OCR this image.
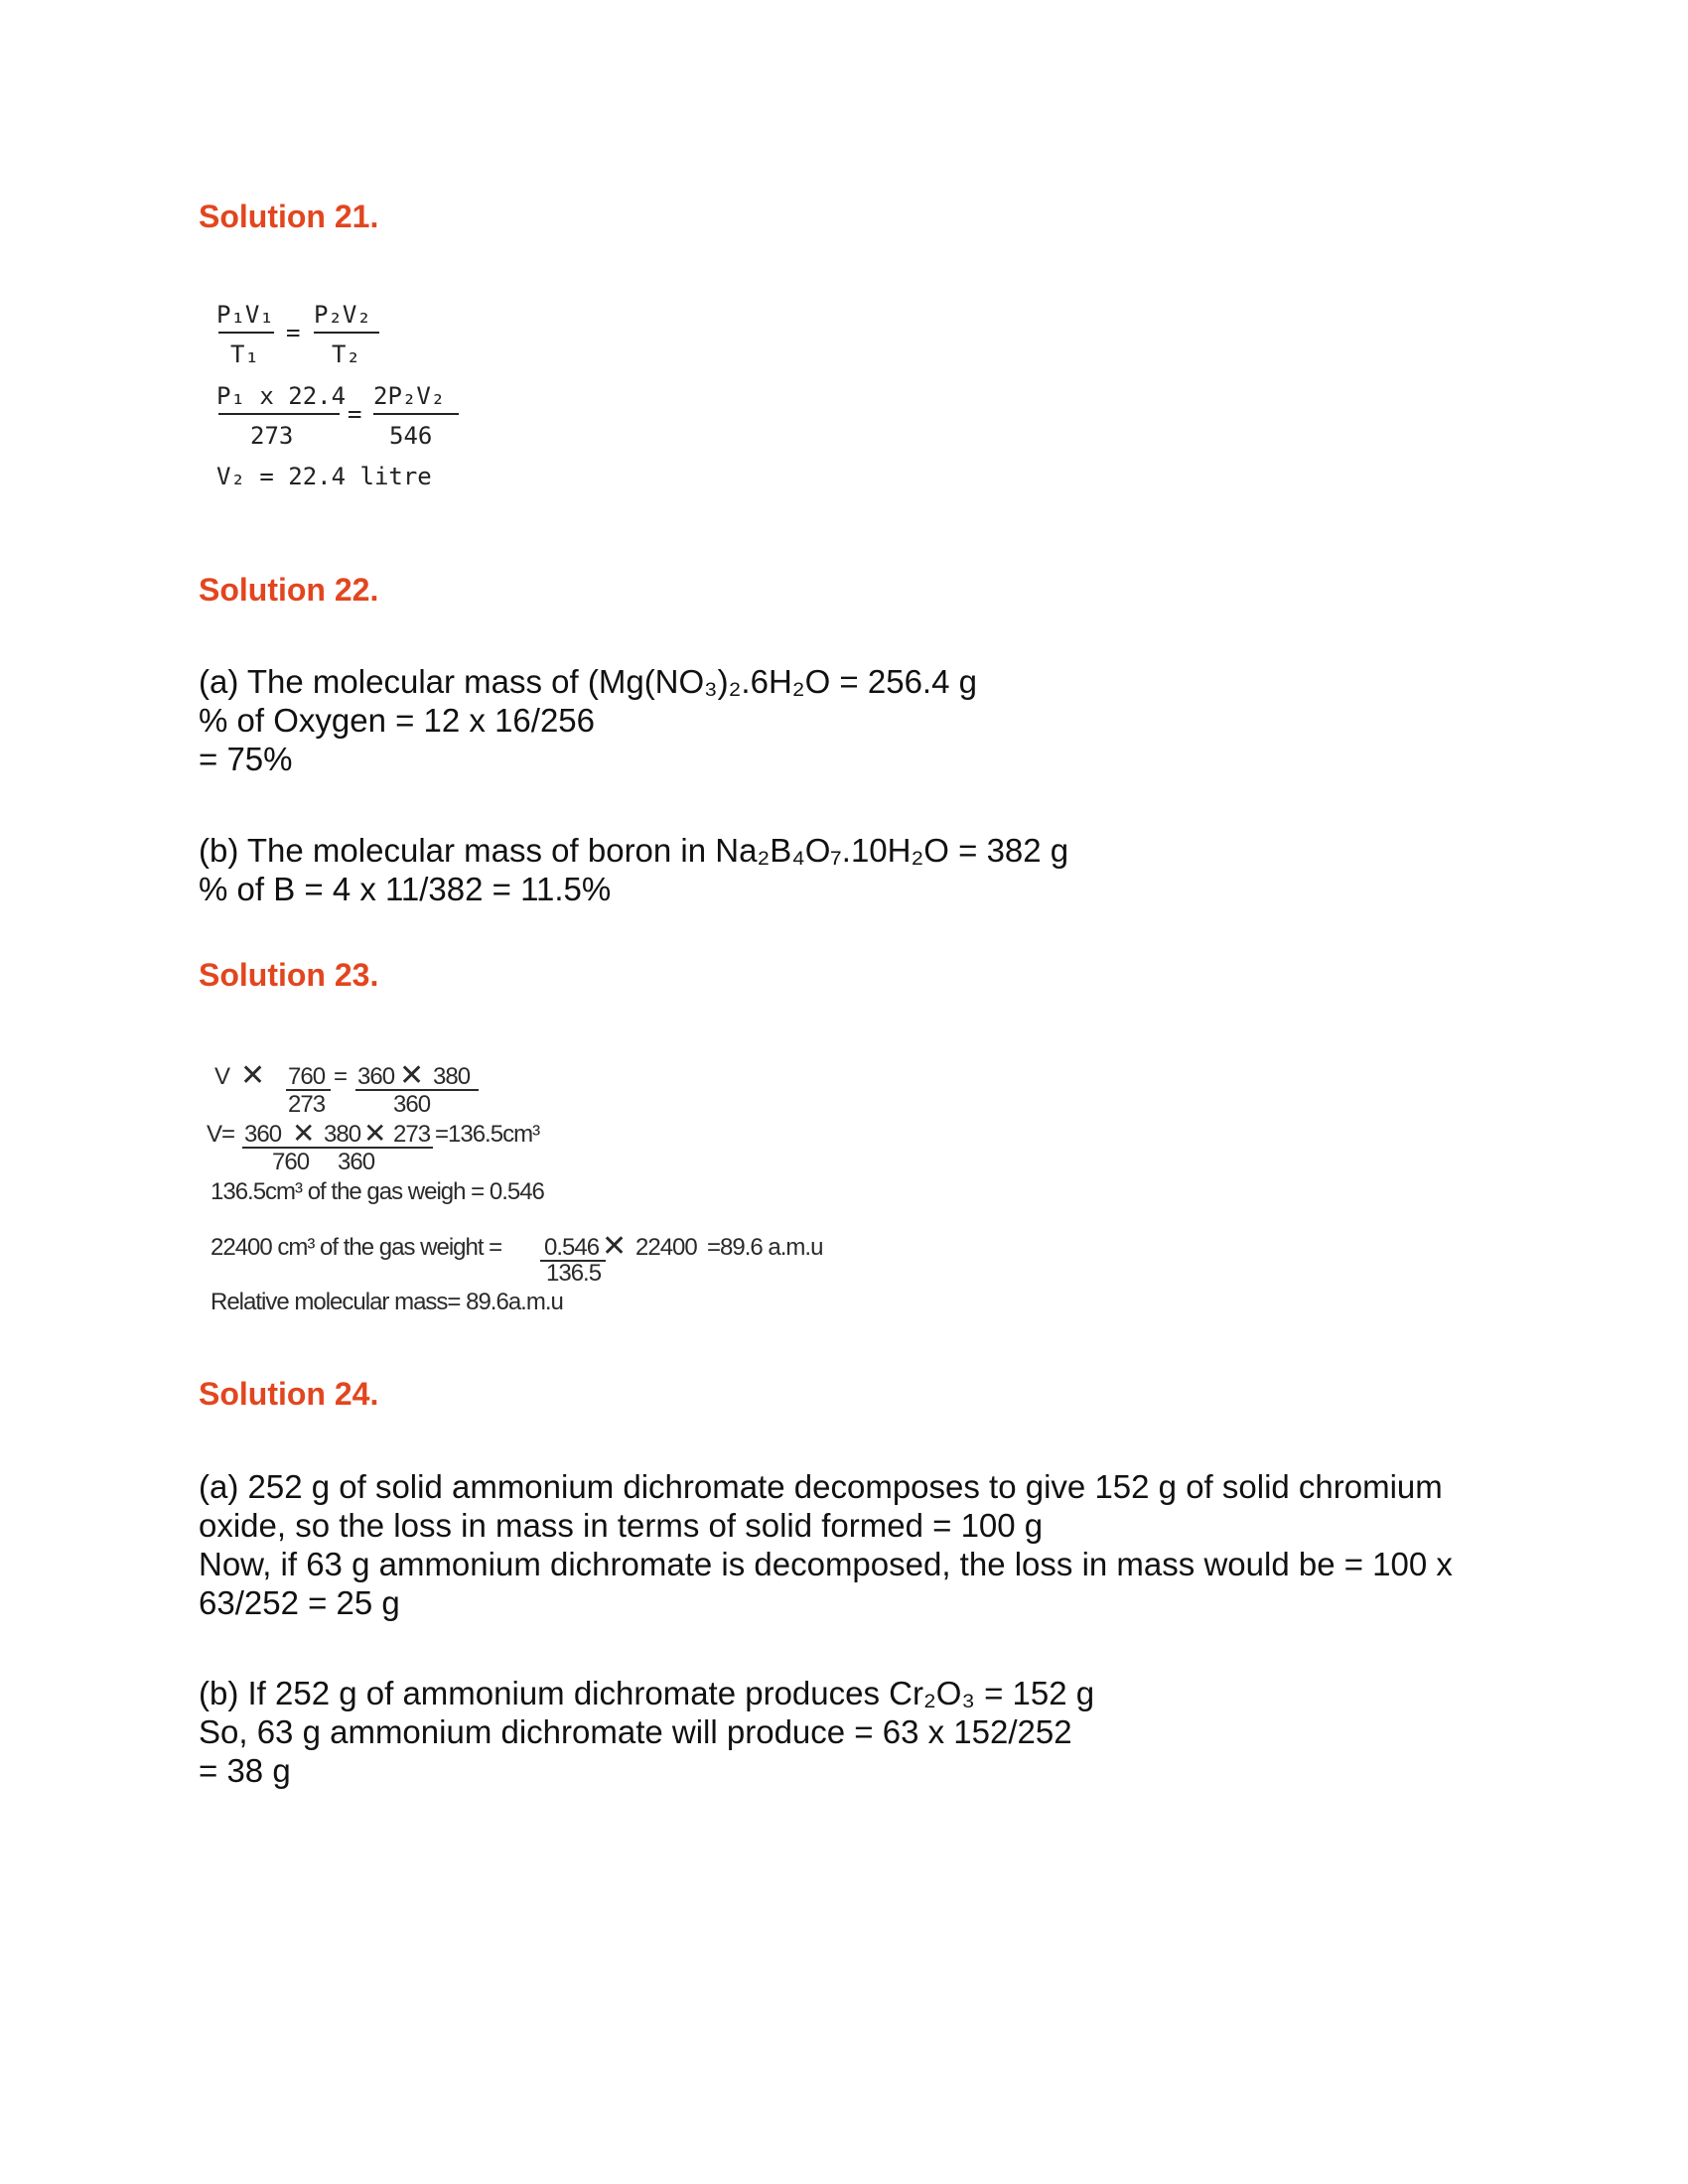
Solution 21.
P₁V₁
T₁
=
P₂V₂
T₂
P₁ x 22.4
273
=
2P₂V₂
546
V₂ = 22.4 litre
Solution 22.
(a) The molecular mass of (Mg(NO₃)₂.6H₂O = 256.4 g
% of Oxygen = 12 x 16/256
= 75%
(b) The molecular mass of boron in Na₂B₄O₇.10H₂O = 382 g
% of B = 4 x 11/382 = 11.5%
Solution 23.
V ✕ 760 = 360 ✕ 380
273	360
V= 360 ✕ 380 ✕ 273 =136.5cm³
760 360
136.5cm³ of the gas weigh = 0.546
22400 cm³ of the gas weight = 0.546 ✕ 22400 =89.6 a.m.u
136.5
Relative molecular mass= 89.6a.m.u
Solution 24.
(a) 252 g of solid ammonium dichromate decomposes to give 152 g of solid chromium oxide, so the loss in mass in terms of solid formed = 100 g
Now, if 63 g ammonium dichromate is decomposed, the loss in mass would be = 100 x 63/252 = 25 g
(b) If 252 g of ammonium dichromate produces Cr₂O₃ = 152 g
So, 63 g ammonium dichromate will produce = 63 x 152/252
= 38 g
